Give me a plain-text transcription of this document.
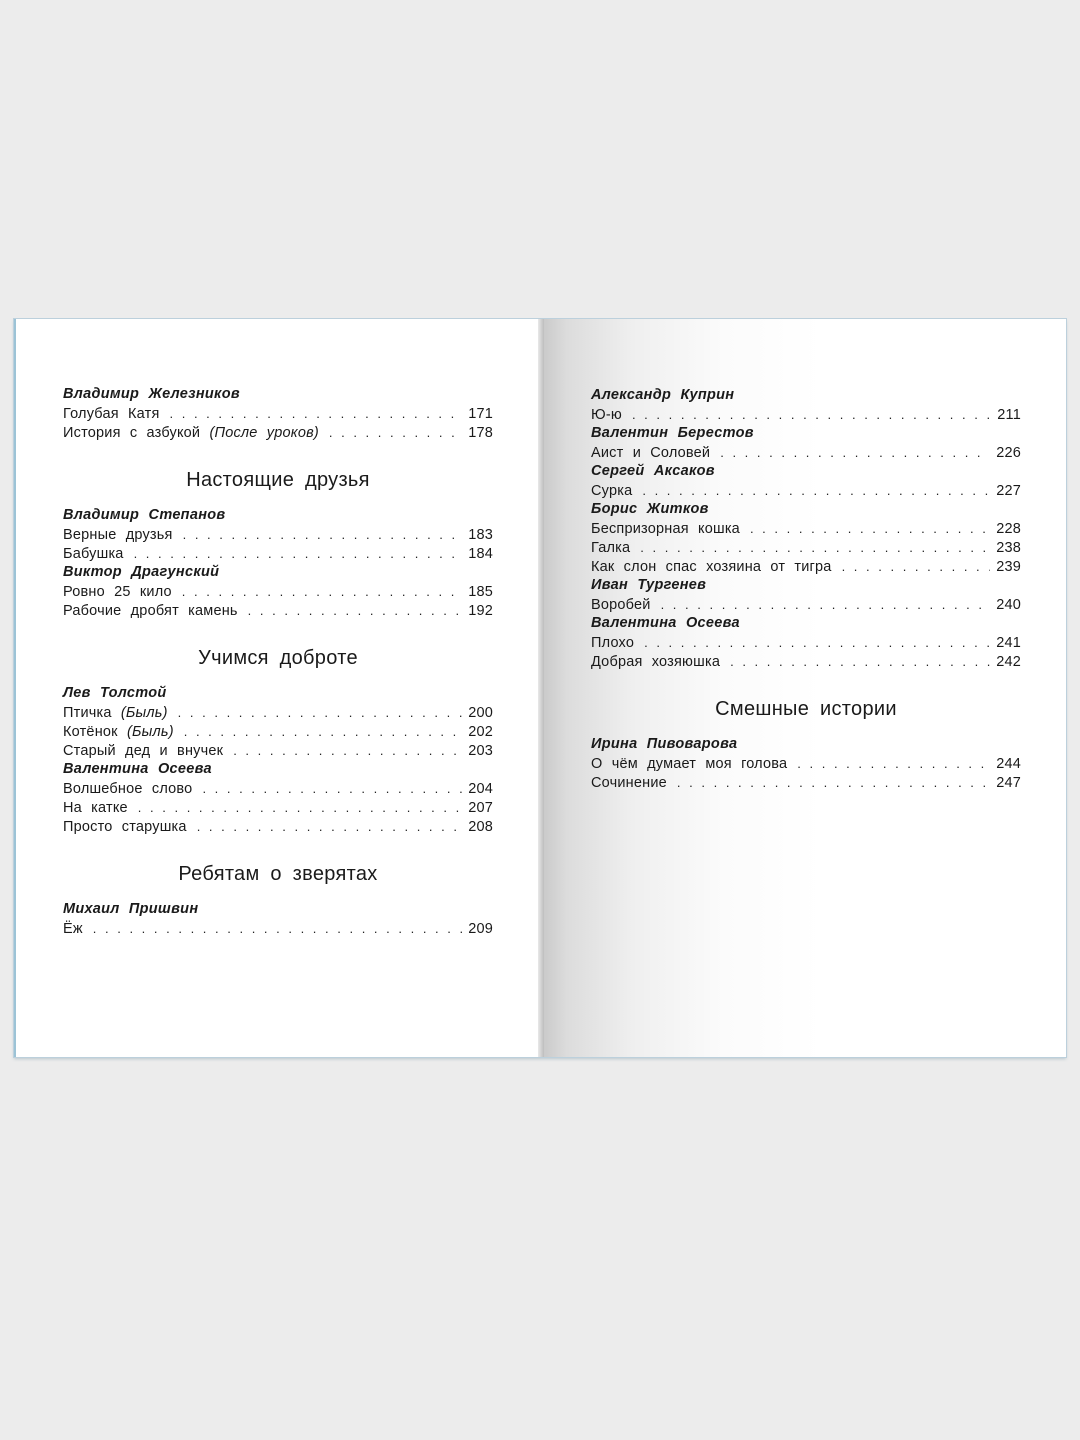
Владимир Железников
Голубая Катя . . .	171
История с азбукой (После уроков) . . .	178
Настоящие друзья
Владимир Степанов
Верные друзья . . .	183
Бабушка . . .	184
Виктор Драгунский
Ровно 25 кило . . .	185
Рабочие дробят камень . . .	192
Учимся доброте
Лев Толстой
Птичка (Быль) . . .	200
Котёнок (Быль) . . .	202
Старый дед и внучек . . .	203
Валентина Осеева
Волшебное слово . . .	204
На катке . . .	207
Просто старушка . . .	208
Ребятам о зверятах
Михаил Пришвин
Ёж . . .	209
Александр Куприн
Ю-ю . . .	211
Валентин Берестов
Аист и Соловей . . .	226
Сергей Аксаков
Сурка . . .	227
Борис Житков
Беспризорная кошка . . .	228
Галка . . .	238
Как слон спас хозяина от тигра . . .	239
Иван Тургенев
Воробей . . .	240
Валентина Осеева
Плохо . . .	241
Добрая хозяюшка . . .	242
Смешные истории
Ирина Пивоварова
О чём думает моя голова . . .	244
Сочинение . . .	247
